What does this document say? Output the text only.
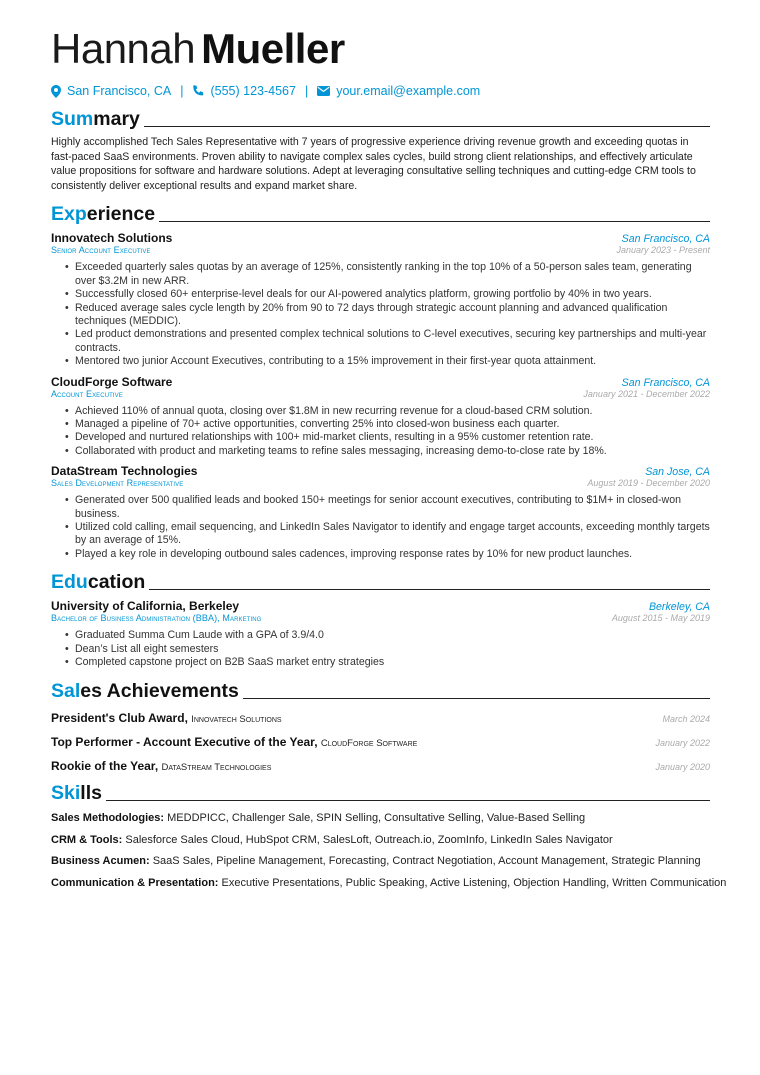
Hannah Mueller
San Francisco, CA | (555) 123-4567 | your.email@example.com
Summary
Highly accomplished Tech Sales Representative with 7 years of progressive experience driving revenue growth and exceeding quotas in fast-paced SaaS environments. Proven ability to navigate complex sales cycles, build strong client relationships, and effectively articulate value propositions for software and hardware solutions. Adept at leveraging consultative selling techniques and cutting-edge CRM tools to consistently deliver exceptional results and expand market share.
Experience
Innovatech Solutions	San Francisco, CA
Senior Account Executive	January 2023 - Present
• Exceeded quarterly sales quotas by an average of 125%, consistently ranking in the top 10% of a 50-person sales team, generating over $3.2M in new ARR.
• Successfully closed 60+ enterprise-level deals for our AI-powered analytics platform, growing portfolio by 40% in two years.
• Reduced average sales cycle length by 20% from 90 to 72 days through strategic account planning and advanced qualification techniques (MEDDIC).
• Led product demonstrations and presented complex technical solutions to C-level executives, securing key partnerships and multi-year contracts.
• Mentored two junior Account Executives, contributing to a 15% improvement in their first-year quota attainment.
CloudForge Software	San Francisco, CA
Account Executive	January 2021 - December 2022
• Achieved 110% of annual quota, closing over $1.8M in new recurring revenue for a cloud-based CRM solution.
• Managed a pipeline of 70+ active opportunities, converting 25% into closed-won business each quarter.
• Developed and nurtured relationships with 100+ mid-market clients, resulting in a 95% customer retention rate.
• Collaborated with product and marketing teams to refine sales messaging, increasing demo-to-close rate by 18%.
DataStream Technologies	San Jose, CA
Sales Development Representative	August 2019 - December 2020
• Generated over 500 qualified leads and booked 150+ meetings for senior account executives, contributing to $1M+ in closed-won business.
• Utilized cold calling, email sequencing, and LinkedIn Sales Navigator to identify and engage target accounts, exceeding monthly targets by an average of 15%.
• Played a key role in developing outbound sales cadences, improving response rates by 10% for new product launches.
Education
University of California, Berkeley	Berkeley, CA
Bachelor of Business Administration (BBA), Marketing	August 2015 - May 2019
• Graduated Summa Cum Laude with a GPA of 3.9/4.0
• Dean’s List all eight semesters
• Completed capstone project on B2B SaaS market entry strategies
Sales Achievements
President's Club Award, Innovatech Solutions	March 2024
Top Performer - Account Executive of the Year, CloudForge Software	January 2022
Rookie of the Year, DataStream Technologies	January 2020
Skills
Sales Methodologies: MEDDPICC, Challenger Sale, SPIN Selling, Consultative Selling, Value-Based Selling
CRM & Tools: Salesforce Sales Cloud, HubSpot CRM, SalesLoft, Outreach.io, ZoomInfo, LinkedIn Sales Navigator
Business Acumen: SaaS Sales, Pipeline Management, Forecasting, Contract Negotiation, Account Management, Strategic Planning
Communication & Presentation: Executive Presentations, Public Speaking, Active Listening, Objection Handling, Written Communication
